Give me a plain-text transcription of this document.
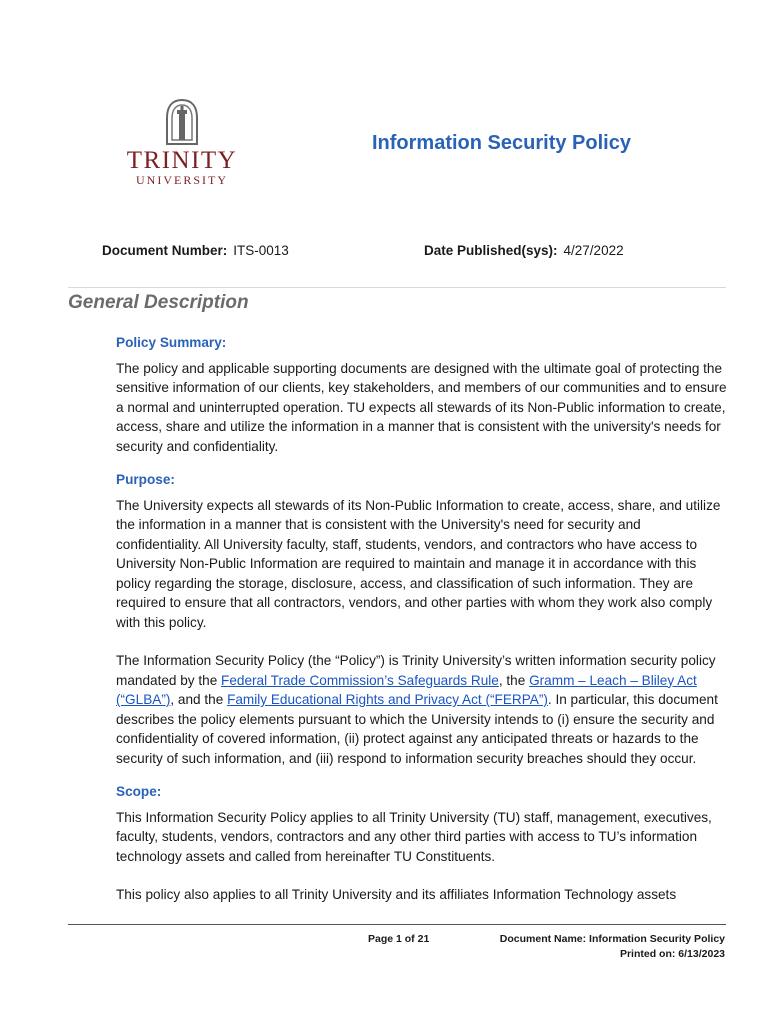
TRINITY
UNIVERSITY
Information Security Policy
Document Number: ITS-0013	Date Published(sys): 4/27/2022
General Description
Policy Summary:

The policy and applicable supporting documents are designed with the ultimate goal of protecting the sensitive information of our clients, key stakeholders, and members of our communities and to ensure a normal and uninterrupted operation. TU expects all stewards of its Non-Public information to create, access, share and utilize the information in a manner that is consistent with the university's needs for security and confidentiality.

Purpose:

The University expects all stewards of its Non-Public Information to create, access, share, and utilize the information in a manner that is consistent with the University's need for security and confidentiality. All University faculty, staff, students, vendors, and contractors who have access to University Non-Public Information are required to maintain and manage it in accordance with this policy regarding the storage, disclosure, access, and classification of such information. They are required to ensure that all contractors, vendors, and other parties with whom they work also comply with this policy.

The Information Security Policy (the “Policy”) is Trinity University’s written information security policy mandated by the Federal Trade Commission’s Safeguards Rule, the Gramm – Leach – Bliley Act (“GLBA”), and the Family Educational Rights and Privacy Act (“FERPA”). In particular, this document describes the policy elements pursuant to which the University intends to (i) ensure the security and confidentiality of covered information, (ii) protect against any anticipated threats or hazards to the security of such information, and (iii) respond to information security breaches should they occur.

Scope:

This Information Security Policy applies to all Trinity University (TU) staff, management, executives, faculty, students, vendors, contractors and any other third parties with access to TU’s information technology assets and called from hereinafter TU Constituents.

This policy also applies to all Trinity University and its affiliates Information Technology assets

Page 1 of 21	Document Name: Information Security Policy
Printed on: 6/13/2023
